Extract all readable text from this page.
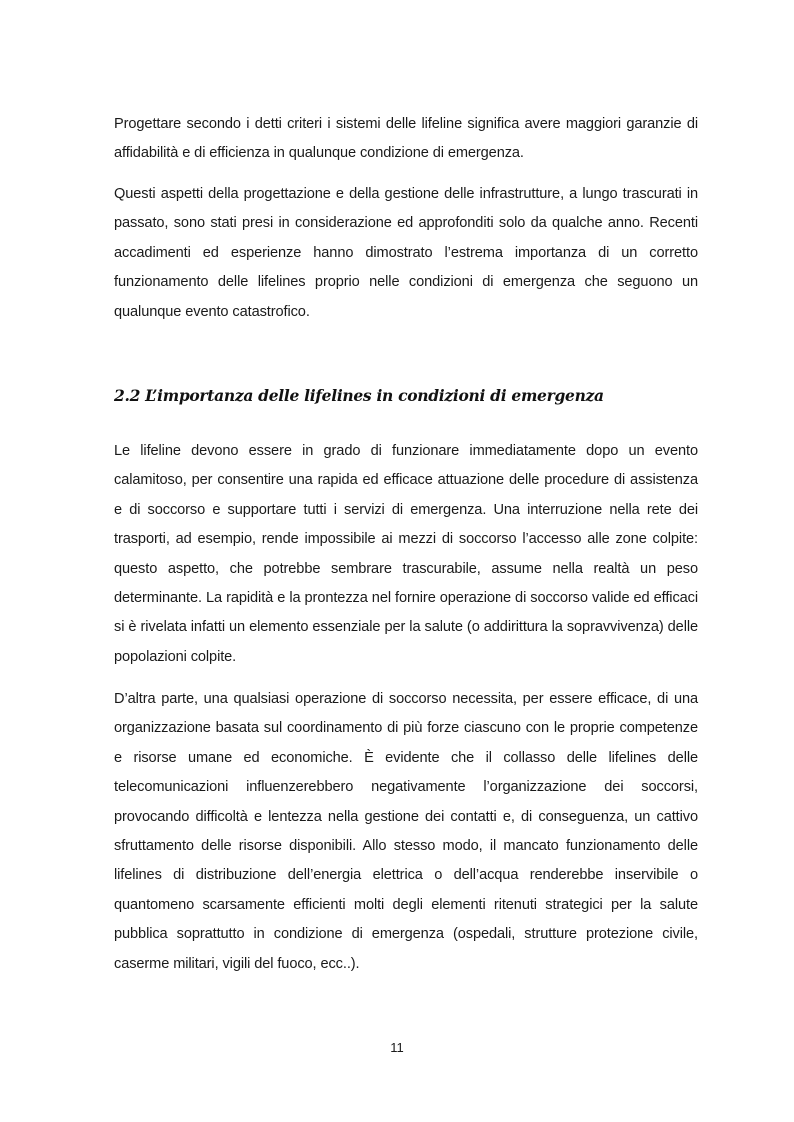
Progettare secondo i detti criteri i sistemi delle lifeline significa avere maggiori garanzie di affidabilità e di efficienza in qualunque condizione di emergenza.

Questi aspetti della progettazione e della gestione delle infrastrutture, a lungo trascurati in passato, sono stati presi in considerazione ed approfonditi solo da qualche anno. Recenti accadimenti ed esperienze hanno dimostrato l’estrema importanza di un corretto funzionamento delle lifelines proprio nelle condizioni di emergenza che seguono un qualunque evento catastrofico.

2.2 L’importanza delle lifelines in condizioni di emergenza

Le lifeline devono essere in grado di funzionare immediatamente dopo un evento calamitoso, per consentire una rapida ed efficace attuazione delle procedure di assistenza e di soccorso e supportare tutti i servizi di emergenza. Una interruzione nella rete dei trasporti, ad esempio, rende impossibile ai mezzi di soccorso l’accesso alle zone colpite: questo aspetto, che potrebbe sembrare trascurabile, assume nella realtà un peso determinante. La rapidità e la prontezza nel fornire operazione di soccorso valide ed efficaci si è rivelata infatti un elemento essenziale per la salute (o addirittura la sopravvivenza) delle popolazioni colpite.

D’altra parte, una qualsiasi operazione di soccorso necessita, per essere efficace, di una organizzazione basata sul coordinamento di più forze ciascuno con le proprie competenze e risorse umane ed economiche. È evidente che il collasso delle lifelines delle telecomunicazioni influenzerebbero negativamente l’organizzazione dei soccorsi, provocando difficoltà e lentezza nella gestione dei contatti e, di conseguenza, un cattivo sfruttamento delle risorse disponibili. Allo stesso modo, il mancato funzionamento delle lifelines di distribuzione dell’energia elettrica o dell’acqua renderebbe inservibile o quantomeno scarsamente efficienti molti degli elementi ritenuti strategici per la salute pubblica soprattutto in condizione di emergenza (ospedali, strutture protezione civile, caserme militari, vigili del fuoco, ecc..).

11
